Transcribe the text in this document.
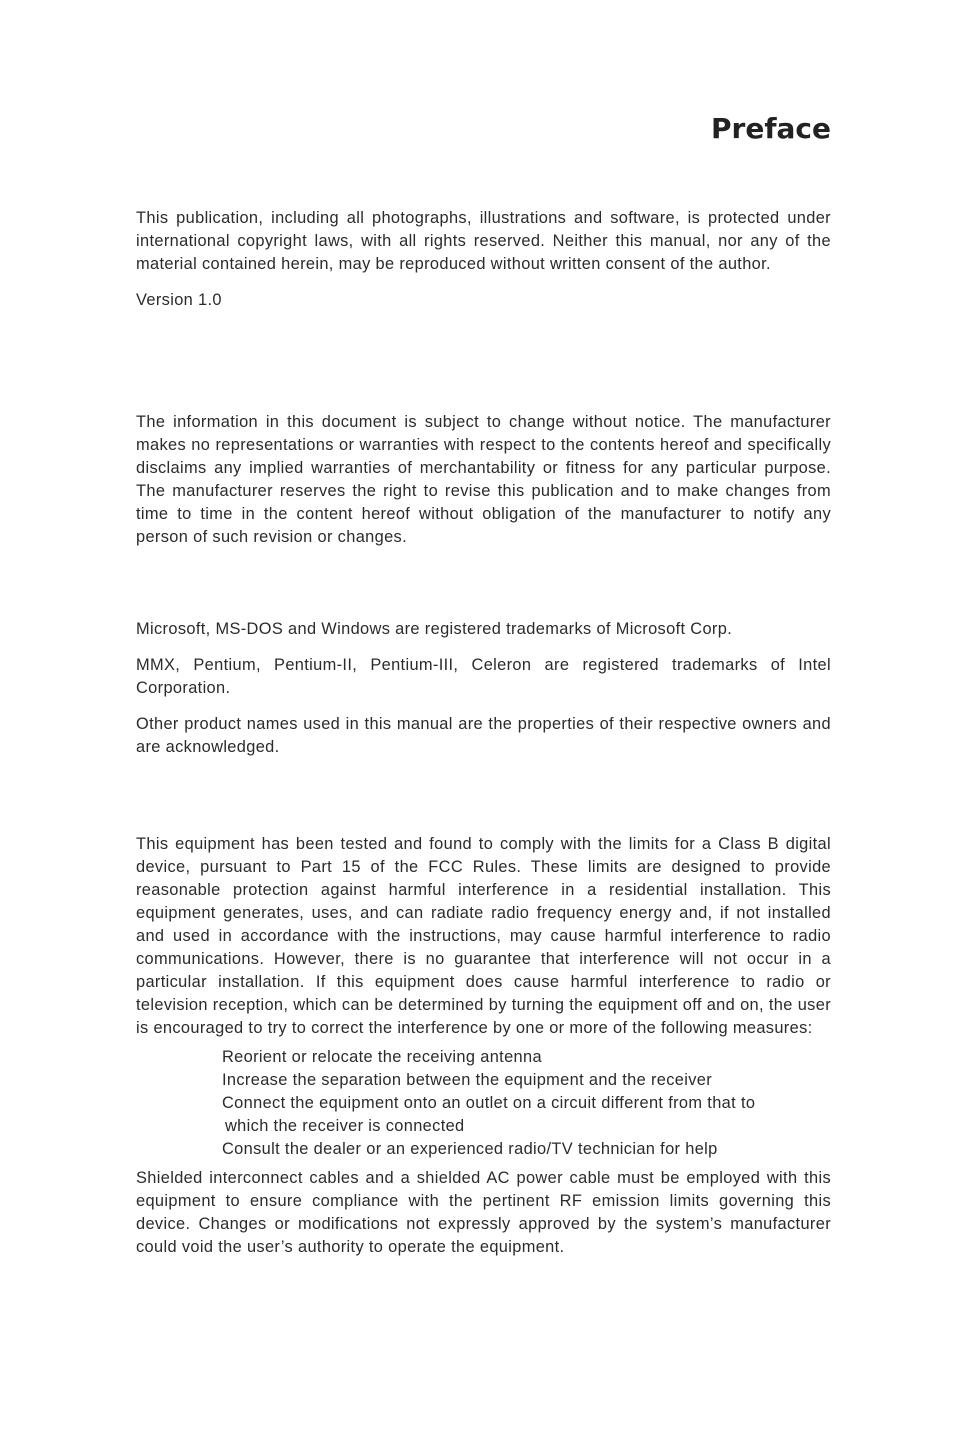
Preface

This publication, including all photographs, illustrations and software, is protected under international copyright laws, with all rights reserved. Neither this manual, nor any of the material contained herein, may be reproduced without written consent of the author.

Version 1.0

The information in this document is subject to change without notice. The manufacturer makes no representations or warranties with respect to the contents hereof and specifically disclaims any implied warranties of merchantability or fitness for any particular purpose. The manufacturer reserves the right to revise this publication and to make changes from time to time in the content hereof without obligation of the manufacturer to notify any person of such revision or changes.

Microsoft, MS-DOS and Windows are registered trademarks of Microsoft Corp.

MMX, Pentium, Pentium-II, Pentium-III, Celeron are registered trademarks of Intel Corporation.

Other product names used in this manual are the properties of their respective owners and are acknowledged.

This equipment has been tested and found to comply with the limits for a Class B digital device, pursuant to Part 15 of the FCC Rules. These limits are designed to provide reasonable protection against harmful interference in a residential installation. This equipment generates, uses, and can radiate radio frequency energy and, if not installed and used in accordance with the instructions, may cause harmful interference to radio communications. However, there is no guarantee that interference will not occur in a particular installation. If this equipment does cause harmful interference to radio or television reception, which can be determined by turning the equipment off and on, the user is encouraged to try to correct the interference by one or more of the following measures:

Reorient or relocate the receiving antenna
Increase the separation between the equipment and the receiver
Connect the equipment onto an outlet on a circuit different from that to
which the receiver is connected
Consult the dealer or an experienced radio/TV technician for help

Shielded interconnect cables and a shielded AC power cable must be employed with this equipment to ensure compliance with the pertinent RF emission limits governing this device. Changes or modifications not expressly approved by the system’s manufacturer could void the user’s authority to operate the equipment.
